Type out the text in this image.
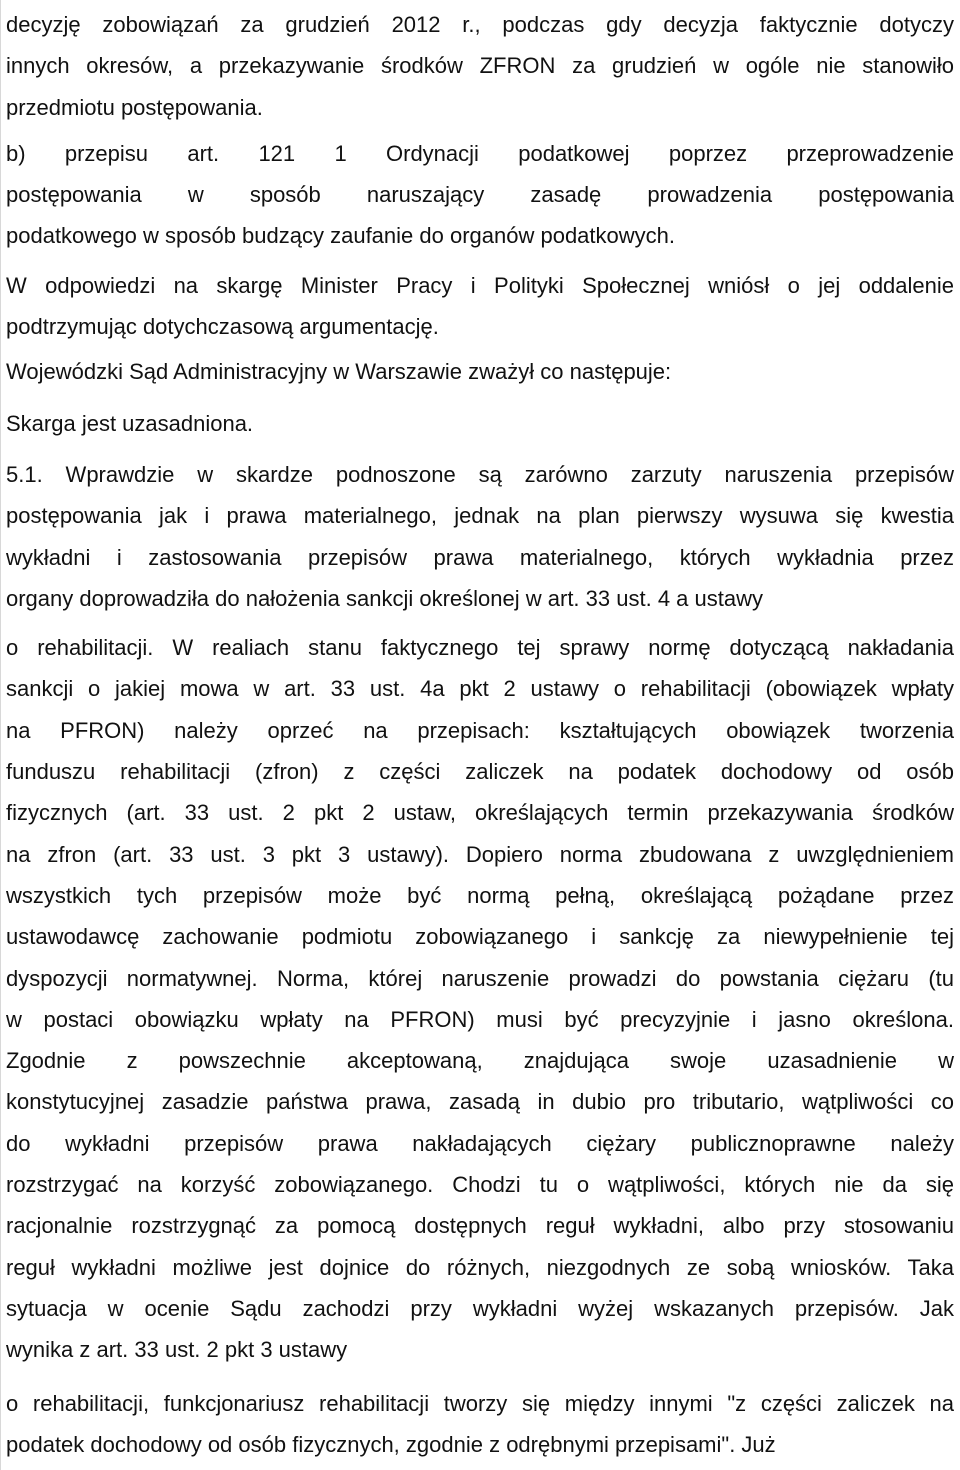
decyzję zobowiązań za grudzień 2012 r., podczas gdy decyzja faktycznie dotyczy
innych okresów, a przekazywanie środków ZFRON za grudzień w ogóle nie stanowiło
przedmiotu postępowania.
b) przepisu art. 121 1 Ordynacji podatkowej poprzez przeprowadzenie
postępowania w sposób naruszający zasadę prowadzenia postępowania
podatkowego w sposób budzący zaufanie do organów podatkowych.
W odpowiedzi na skargę Minister Pracy i Polityki Społecznej wniósł o jej oddalenie
podtrzymując dotychczasową argumentację.

Wojewódzki Sąd Administracyjny w Warszawie zważył co następuje:

Skarga jest uzasadniona.

5.1. Wprawdzie w skardze podnoszone są zarówno zarzuty naruszenia przepisów
postępowania jak i prawa materialnego, jednak na plan pierwszy wysuwa się kwestia
wykładni i zastosowania przepisów prawa materialnego, których wykładnia przez
organy doprowadziła do nałożenia sankcji określonej w art. 33 ust. 4 a ustawy
o rehabilitacji. W realiach stanu faktycznego tej sprawy normę dotyczącą nakładania
sankcji o jakiej mowa w art. 33 ust. 4a pkt 2 ustawy o rehabilitacji (obowiązek wpłaty
na PFRON) należy oprzeć na przepisach: kształtujących obowiązek tworzenia
funduszu rehabilitacji (zfron) z części zaliczek na podatek dochodowy od osób
fizycznych (art. 33 ust. 2 pkt 2 ustaw, określających termin przekazywania środków
na zfron (art. 33 ust. 3 pkt 3 ustawy). Dopiero norma zbudowana z uwzględnieniem
wszystkich tych przepisów może być normą pełną, określającą pożądane przez
ustawodawcę zachowanie podmiotu zobowiązanego i sankcję za niewypełnienie tej
dyspozycji normatywnej. Norma, której naruszenie prowadzi do powstania ciężaru (tu
w postaci obowiązku wpłaty na PFRON) musi być precyzyjnie i jasno określona.
Zgodnie z powszechnie akceptowaną, znajdująca swoje uzasadnienie w
konstytucyjnej zasadzie państwa prawa, zasadą in dubio pro tributario, wątpliwości co
do wykładni przepisów prawa nakładających ciężary publicznoprawne należy
rozstrzygać na korzyść zobowiązanego. Chodzi tu o wątpliwości, których nie da się
racjonalnie rozstrzygnąć za pomocą dostępnych reguł wykładni, albo przy stosowaniu
reguł wykładni możliwe jest dojnice do różnych, niezgodnych ze sobą wniosków. Taka
sytuacja w ocenie Sądu zachodzi przy wykładni wyżej wskazanych przepisów. Jak
wynika z art. 33 ust. 2 pkt 3 ustawy
o rehabilitacji, funkcjonariusz rehabilitacji tworzy się między innymi "z części zaliczek na
podatek dochodowy od osób fizycznych, zgodnie z odrębnymi przepisami". Już
